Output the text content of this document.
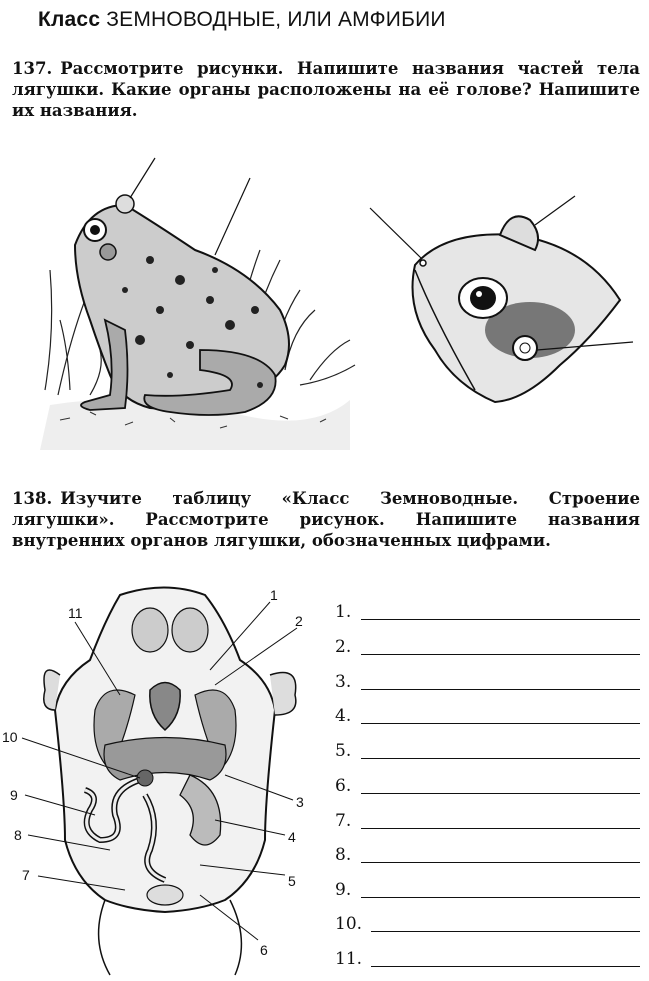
Класс ЗЕМНОВОДНЫЕ, ИЛИ АМФИБИИ
137. Рассмотрите рисунки. Напишите названия частей тела лягушки. Какие органы расположены на её голове? Напишите их названия.
138. Изучите таблицу «Класс Земноводные. Строение лягушки». Рассмотрите рисунок. Напишите названия внутренних органов лягушки, обозначенных цифрами.
1
2
3
4
5
6
7
8
9
10
11	1.
2.
3.
4.
5.
6.
7.
8.
9.
10.
11.
